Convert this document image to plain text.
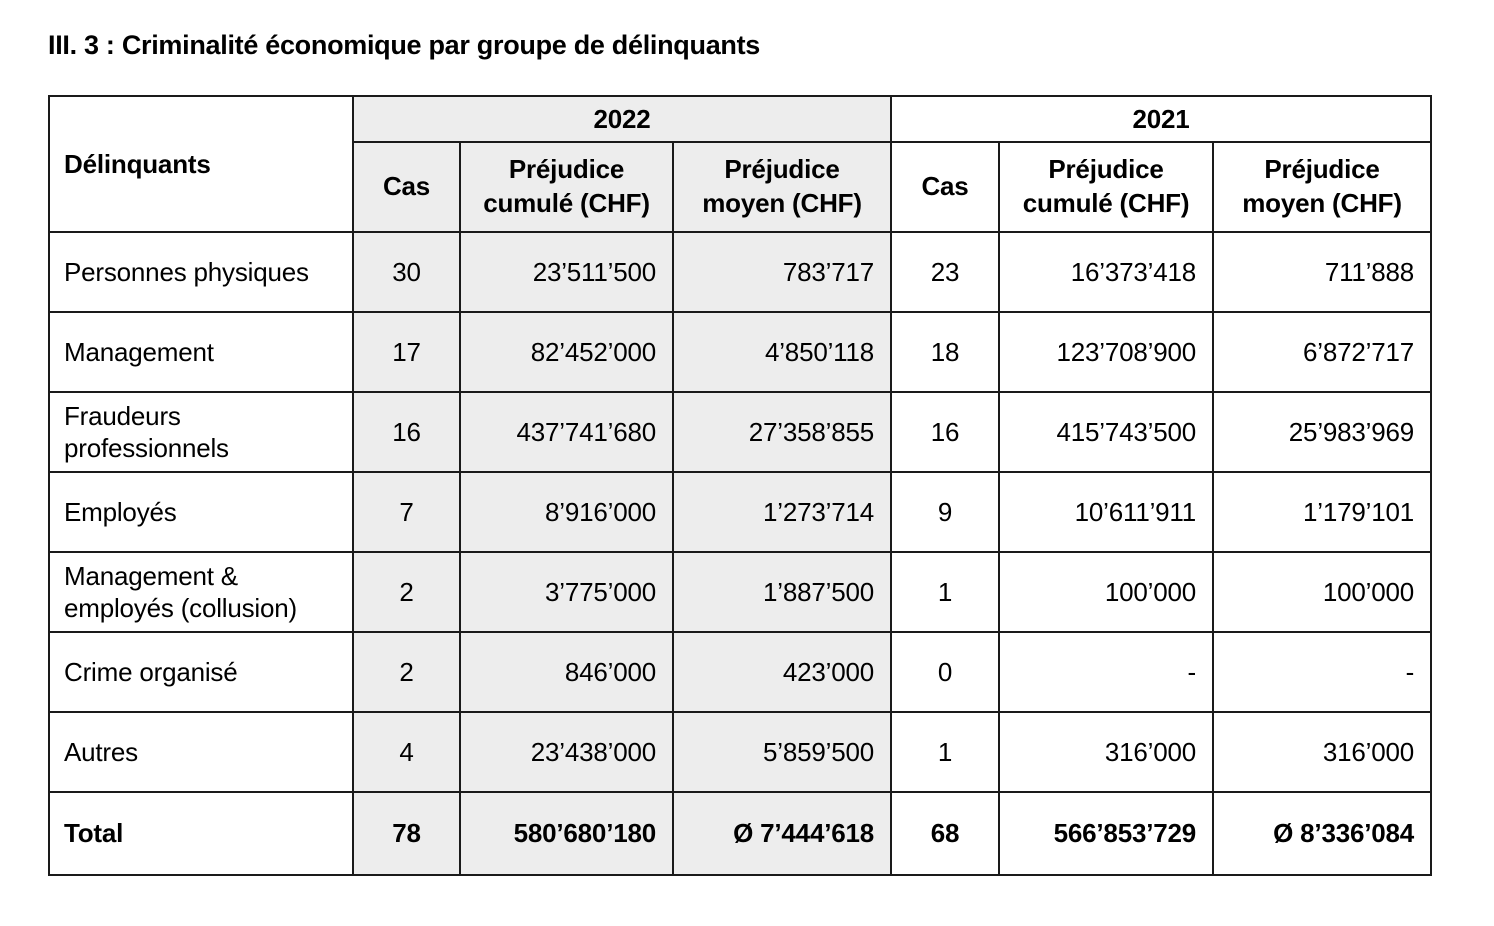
III. 3 : Criminalité économique par groupe de délinquants
Délinquants	2022			2021		
	Cas	Préjudice cumulé (CHF)	Préjudice moyen (CHF)	Cas	Préjudice cumulé (CHF)	Préjudice moyen (CHF)
Personnes physiques	30	23’511’500	783’717	23	16’373’418	711’888
Management	17	82’452’000	4’850’118	18	123’708’900	6’872’717
Fraudeurs professionnels	16	437’741’680	27’358’855	16	415’743’500	25’983’969
Employés	7	8’916’000	1’273’714	9	10’611’911	1’179’101
Management & employés (collusion)	2	3’775’000	1’887’500	1	100’000	100’000
Crime organisé	2	846’000	423’000	0	-	-
Autres	4	23’438’000	5’859’500	1	316’000	316’000
Total	78	580’680’180	Ø 7’444’618	68	566’853’729	Ø 8’336’084
